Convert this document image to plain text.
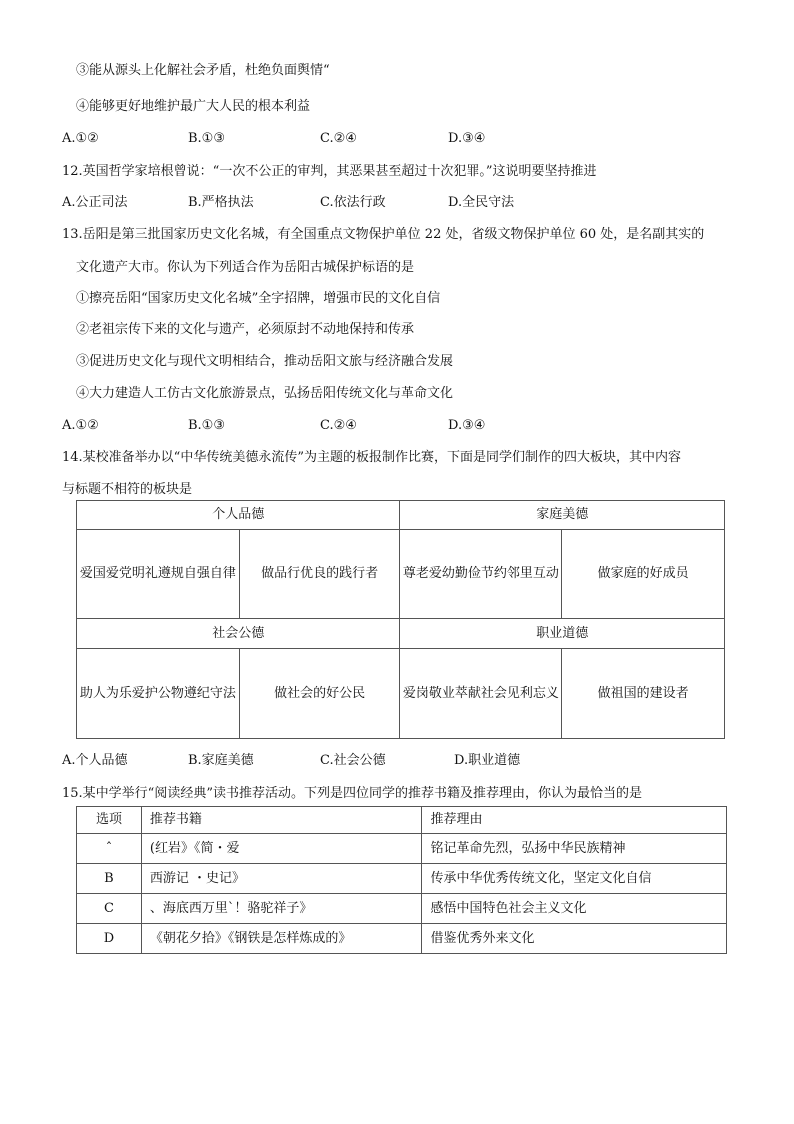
③能从源头上化解社会矛盾，杜绝负面舆情“
④能够更好地维护最广大人民的根本利益
A.①②	B.①③	C.②④	D.③④
12.英国哲学家培根曾说：“一次不公正的审判，其恶果甚至超过十次犯罪。”这说明要坚持推进
A.公正司法	B.严格执法	C.依法行政	D.全民守法
13.岳阳是第三批国家历史文化名城，有全国重点文物保护单位 22 处，省级文物保护单位 60 处，是名副其实的
文化遗产大市。你认为下列适合作为岳阳古城保护标语的是
①擦亮岳阳“国家历史文化名城”全字招牌，增强市民的文化自信
②老祖宗传下来的文化与遗产，必须原封不动地保持和传承
③促进历史文化与现代文明相结合，推动岳阳文旅与经济融合发展
④大力建造人工仿古文化旅游景点，弘扬岳阳传统文化与革命文化
A.①②	B.①③	C.②④	D.③④
14.某校准备举办以“中华传统美德永流传”为主题的板报制作比赛，下面是同学们制作的四大板块，其中内容
与标题不相符的板块是
个人品德		家庭美德	
爱国爱党明礼遵规自强自律	做品行优良的践行者	尊老爱幼勤俭节约邻里互动	做家庭的好成员
社会公德		职业道德	
助人为乐爱护公物遵纪守法	做社会的好公民	爱岗敬业萃献社会见利忘义	做祖国的建设者
A.个人品德	B.家庭美德	C.社会公德	D.职业道德
15.某中学举行“阅读经典”读书推荐活动。下列是四位同学的推荐书籍及推荐理由，你认为最恰当的是
选项	推荐书籍	推荐理由
ˆ	(红岩》《简・爱	铭记革命先烈，弘扬中华民族精神
B	西游记 ・史记》	传承中华优秀传统文化，坚定文化自信
C	、海底西万里`！骆驼祥子》	感悟中国特色社会主义文化
D	《朝花夕拾》《钢铁是怎样炼成的》	借鉴优秀外来文化
